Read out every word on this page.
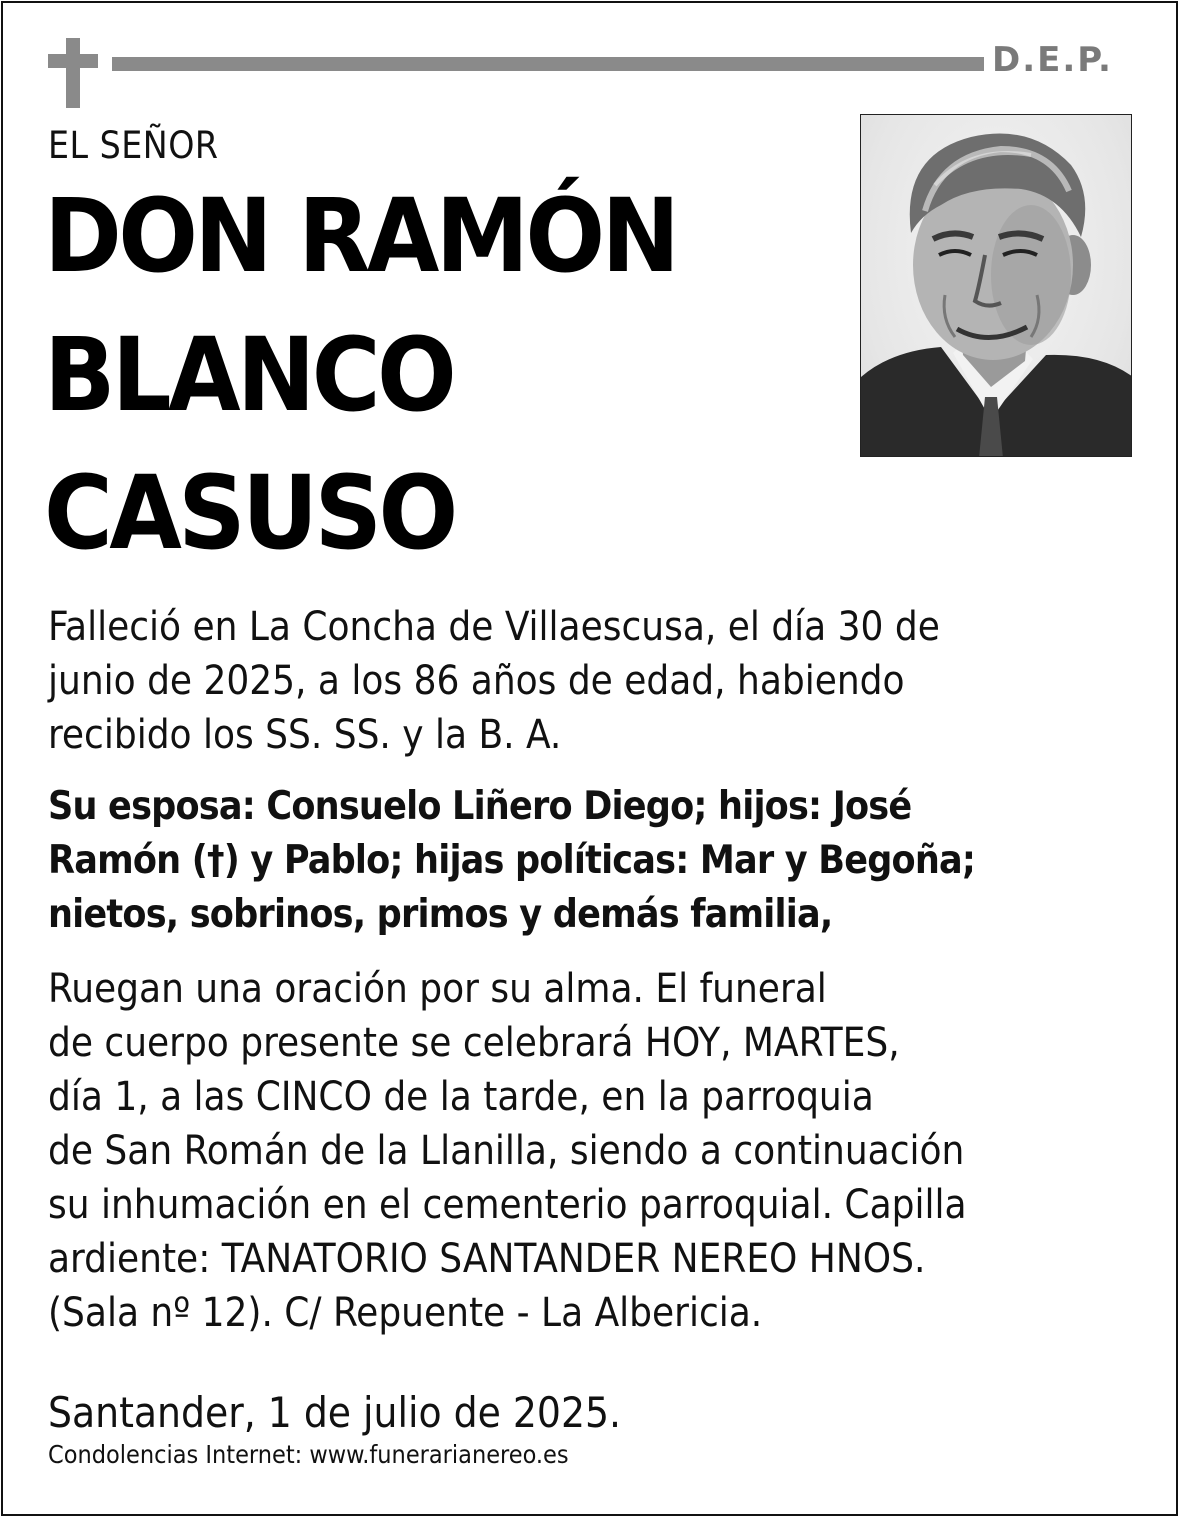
D.E.P.
EL SEÑOR
DON RAMÓN
BLANCO
CASUSO
Falleció en La Concha de Villaescusa, el día 30 de
junio de 2025, a los 86 años de edad, habiendo
recibido los SS. SS. y la B. A.
Su esposa: Consuelo Liñero Diego; hijos: José
Ramón (†) y Pablo; hijas políticas: Mar y Begoña;
nietos, sobrinos, primos y demás familia,
Ruegan una oración por su alma. El funeral
de cuerpo presente se celebrará HOY, MARTES,
día 1, a las CINCO de la tarde, en la parroquia
de San Román de la Llanilla, siendo a continuación
su inhumación en el cementerio parroquial. Capilla
ardiente: TANATORIO SANTANDER NEREO HNOS.
(Sala nº 12). C/ Repuente - La Albericia.
Santander, 1 de julio de 2025.
Condolencias Internet: www.funerarianereo.es
